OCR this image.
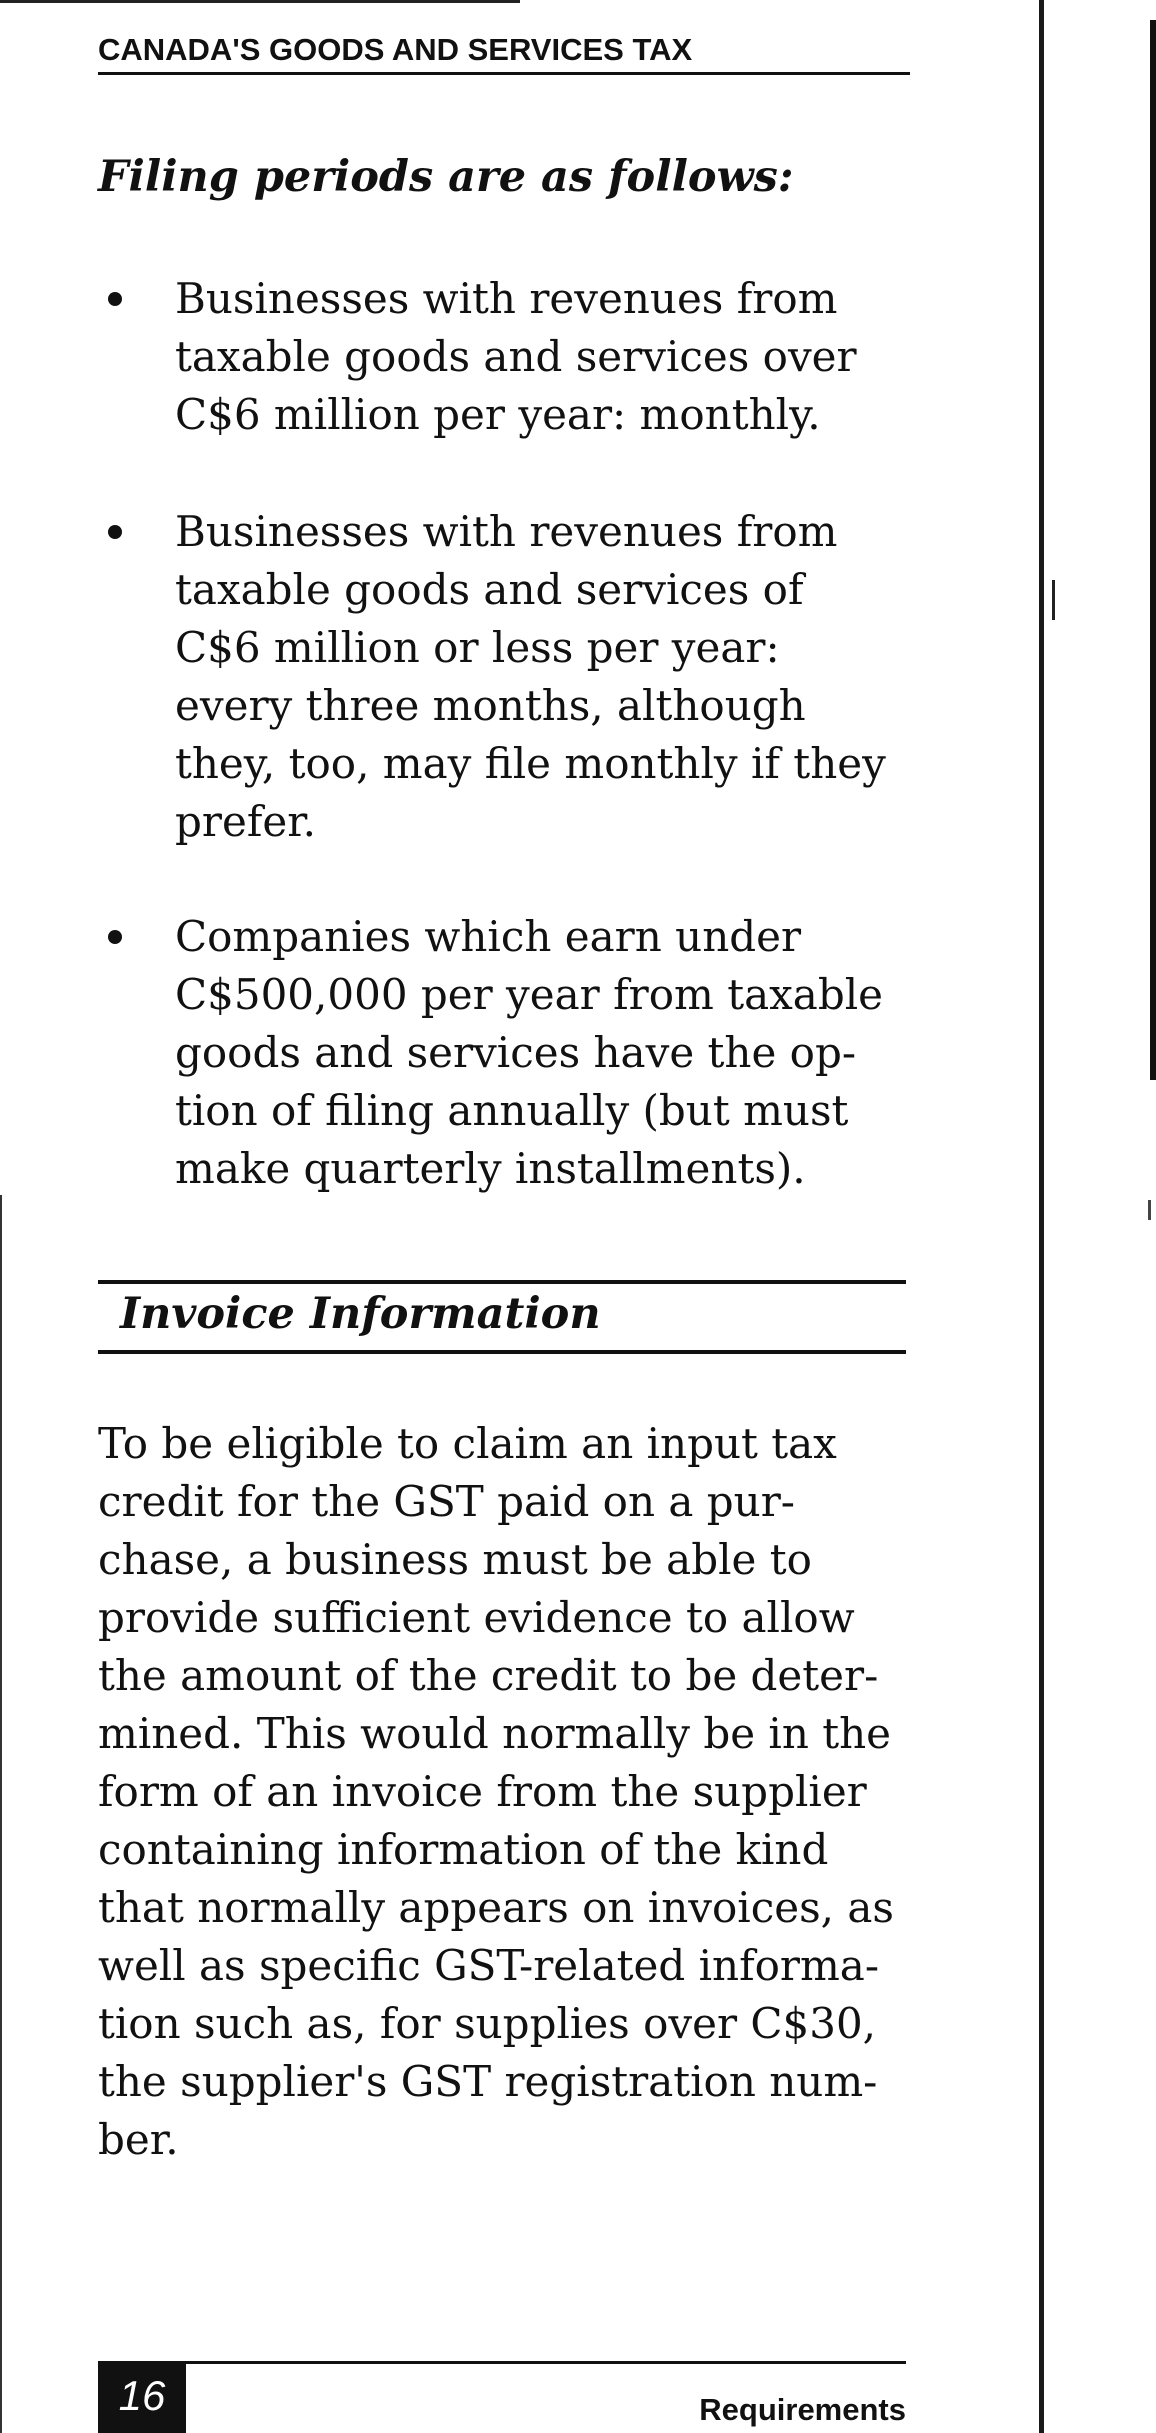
CANADA'S GOODS AND SERVICES TAX
Filing periods are as follows:
Businesses with revenues from
taxable goods and services over
C$6 million per year: monthly.
Businesses with revenues from
taxable goods and services of
C$6 million or less per year:
every three months, although
they, too, may file monthly if they
prefer.
Companies which earn under
C$500,000 per year from taxable
goods and services have the op-
tion of filing annually (but must
make quarterly installments).
Invoice Information
To be eligible to claim an input tax
credit for the GST paid on a pur-
chase, a business must be able to
provide sufficient evidence to allow
the amount of the credit to be deter-
mined. This would normally be in the
form of an invoice from the supplier
containing information of the kind
that normally appears on invoices, as
well as specific GST-related informa-
tion such as, for supplies over C$30,
the supplier's GST registration num-
ber.
16	Requirements
